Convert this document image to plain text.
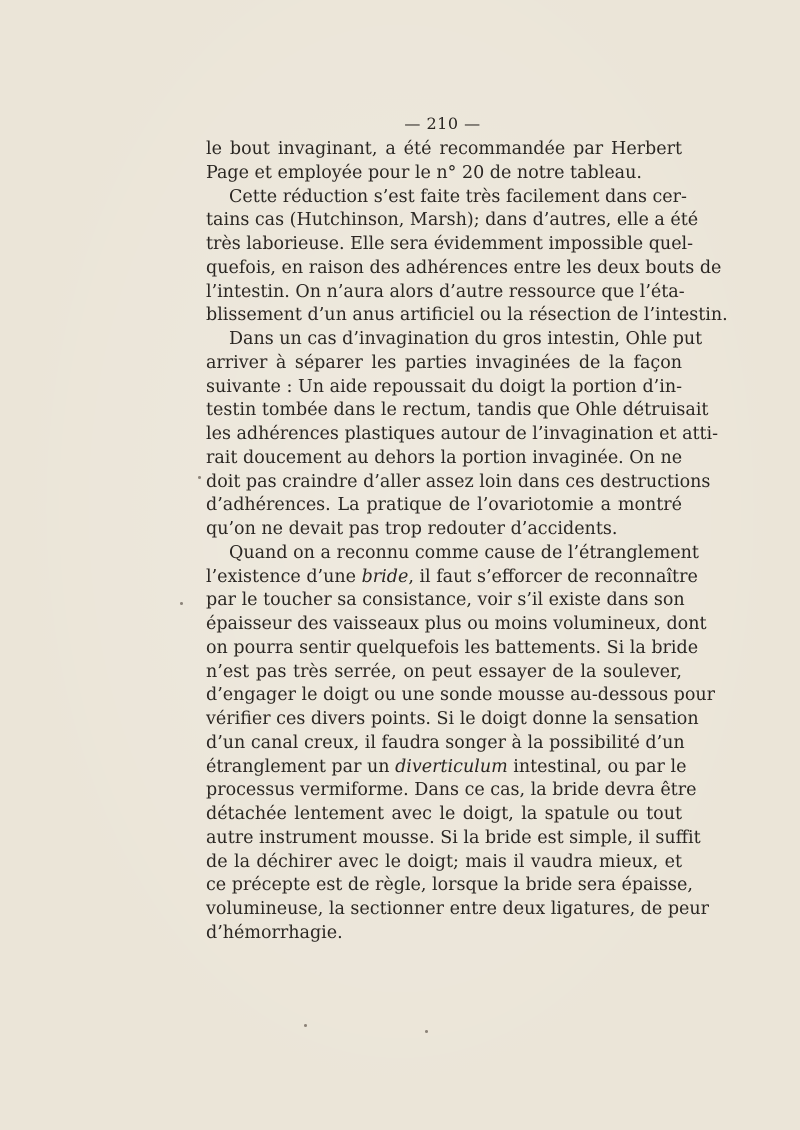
— 210 —
le bout invaginant, a été recommandée par Herbert
Page et employée pour le n° 20 de notre tableau.
Cette réduction s’est faite très facilement dans cer-
tains cas (Hutchinson, Marsh); dans d’autres, elle a été
très laborieuse. Elle sera évidemment impossible quel-
quefois, en raison des adhérences entre les deux bouts de
l’intestin. On n’aura alors d’autre ressource que l’éta-
blissement d’un anus artificiel ou la résection de l’intestin.
Dans un cas d’invagination du gros intestin, Ohle put
arriver à séparer les parties invaginées de la façon
suivante : Un aide repoussait du doigt la portion d’in-
testin tombée dans le rectum, tandis que Ohle détruisait
les adhérences plastiques autour de l’invagination et atti-
rait doucement au dehors la portion invaginée. On ne
doit pas craindre d’aller assez loin dans ces destructions
d’adhérences. La pratique de l’ovariotomie a montré
qu’on ne devait pas trop redouter d’accidents.
Quand on a reconnu comme cause de l’étranglement
l’existence d’une bride, il faut s’efforcer de reconnaître
par le toucher sa consistance, voir s’il existe dans son
épaisseur des vaisseaux plus ou moins volumineux, dont
on pourra sentir quelquefois les battements. Si la bride
n’est pas très serrée, on peut essayer de la soulever,
d’engager le doigt ou une sonde mousse au-dessous pour
vérifier ces divers points. Si le doigt donne la sensation
d’un canal creux, il faudra songer à la possibilité d’un
étranglement par un diverticulum intestinal, ou par le
processus vermiforme. Dans ce cas, la bride devra être
détachée lentement avec le doigt, la spatule ou tout
autre instrument mousse. Si la bride est simple, il suffit
de la déchirer avec le doigt; mais il vaudra mieux, et
ce précepte est de règle, lorsque la bride sera épaisse,
volumineuse, la sectionner entre deux ligatures, de peur
d’hémorrhagie.
